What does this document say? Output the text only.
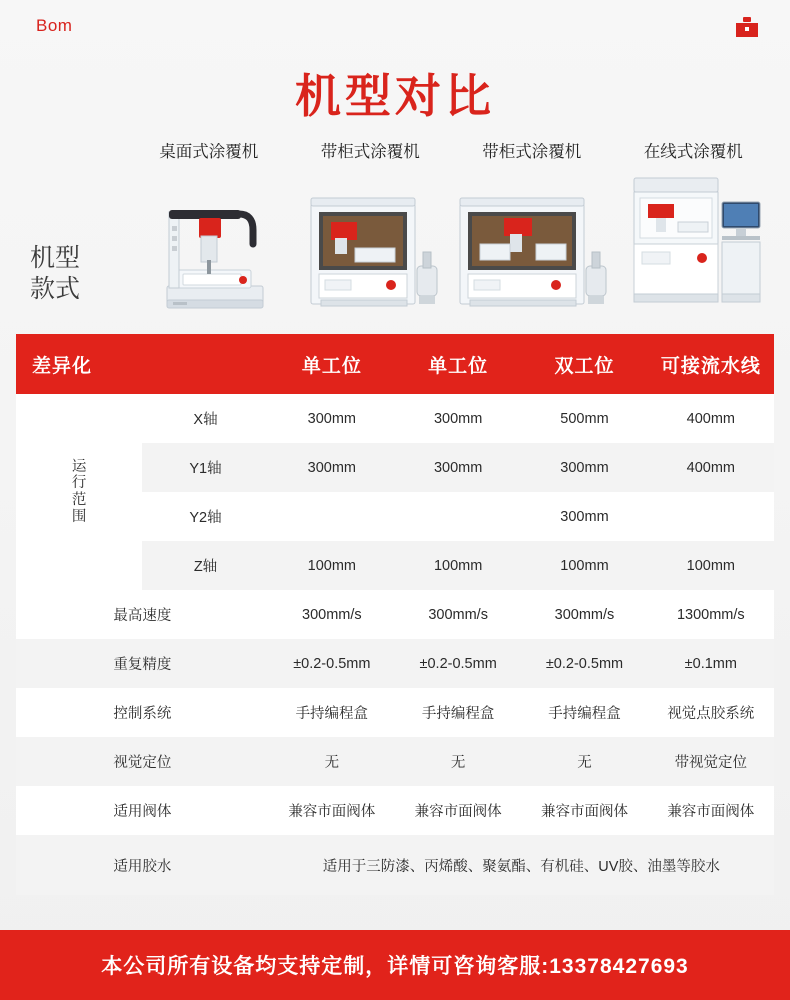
Bom
机型对比
桌面式涂覆机	带柜式涂覆机	带柜式涂覆机	在线式涂覆机
机型
款式
差异化		单工位	单工位	双工位	可接流水线

运
行
范
围	X轴	300mm	300mm	500mm	400mm
	Y1轴	300mm	300mm	300mm	400mm
	Y2轴			300mm	
	Z轴	100mm	100mm	100mm	100mm
最高速度		300mm/s	300mm/s	300mm/s	1300mm/s
重复精度		±0.2-0.5mm	±0.2-0.5mm	±0.2-0.5mm	±0.1mm
控制系统		手持编程盒	手持编程盒	手持编程盒	视觉点胶系统
视觉定位		无	无	无	带视觉定位
适用阀体		兼容市面阀体	兼容市面阀体	兼容市面阀体	兼容市面阀体
适用胶水		适用于三防漆、丙烯酸、聚氨酯、有机硅、UV胶、油墨等胶水			
本公司所有设备均支持定制，详情可咨询客服:13378427693
